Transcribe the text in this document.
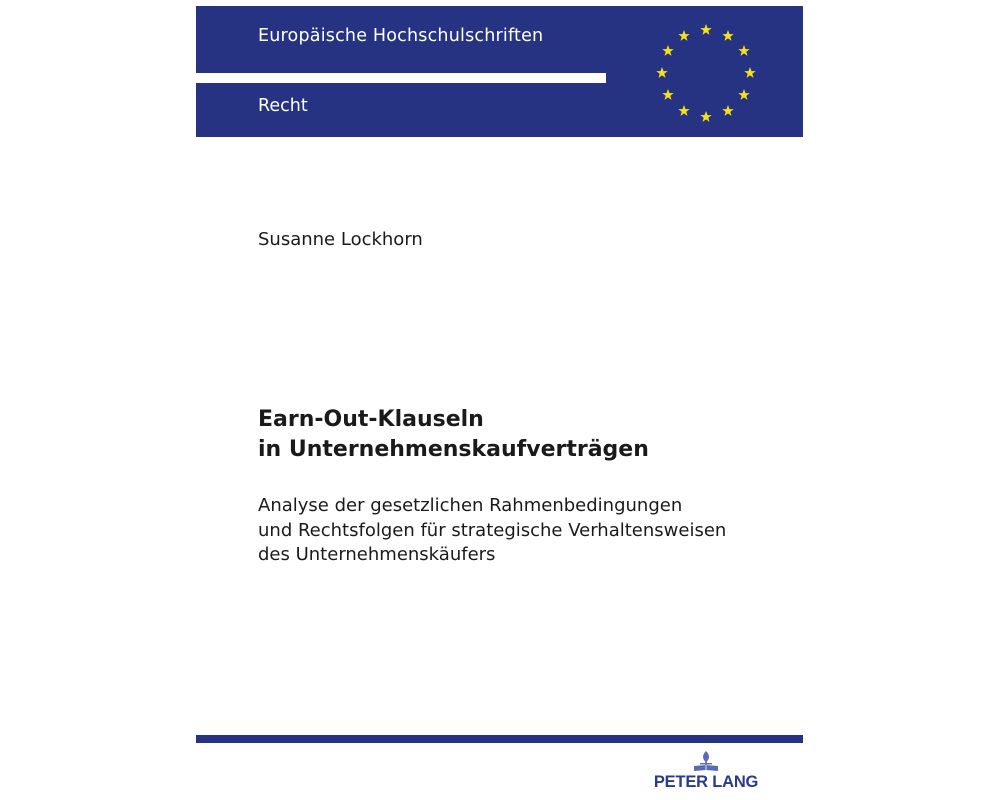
Europäische Hochschulschriften
Recht
Susanne Lockhorn
Earn-Out-Klauseln
in Unternehmenskaufverträgen
Analyse der gesetzlichen Rahmenbedingungen
und Rechtsfolgen für strategische Verhaltensweisen
des Unternehmenskäufers
PETER LANG
